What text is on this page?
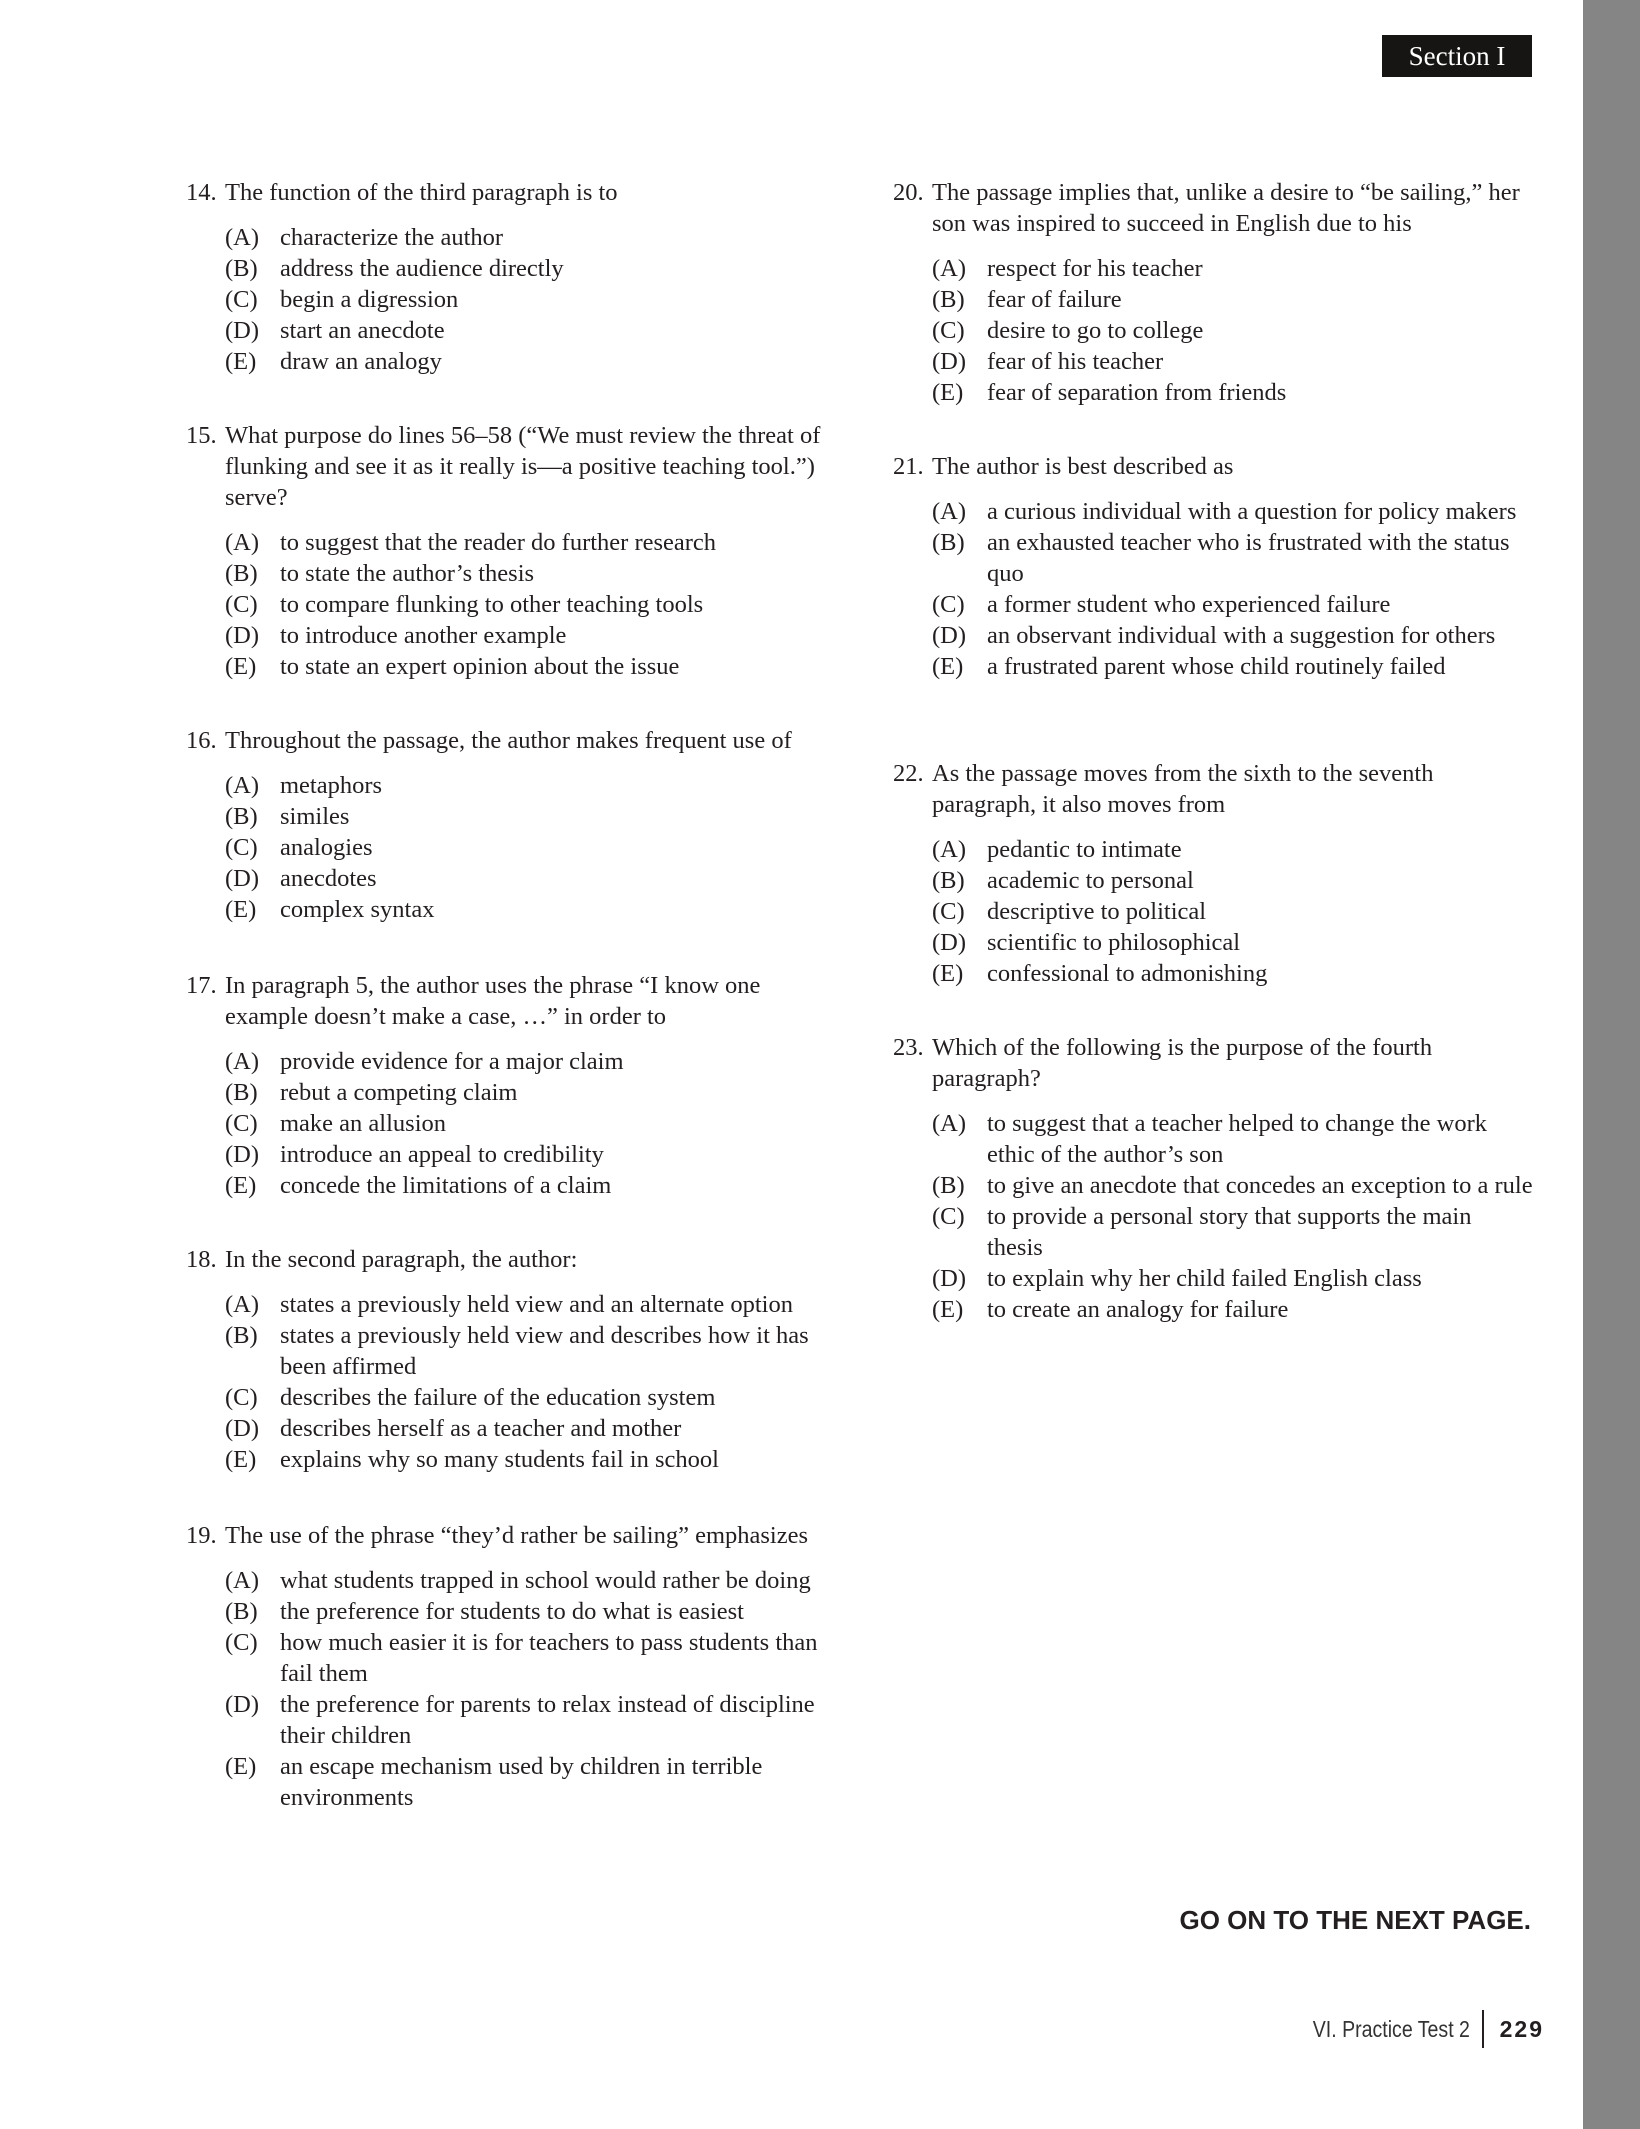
Section I
14. The function of the third paragraph is to
(A) characterize the author
(B) address the audience directly
(C) begin a digression
(D) start an anecdote
(E) draw an analogy
15. What purpose do lines 56–58 (“We must review the threat of flunking and see it as it really is—a positive teaching tool.”) serve?
(A) to suggest that the reader do further research
(B) to state the author’s thesis
(C) to compare flunking to other teaching tools
(D) to introduce another example
(E) to state an expert opinion about the issue
16. Throughout the passage, the author makes frequent use of
(A) metaphors
(B) similes
(C) analogies
(D) anecdotes
(E) complex syntax
17. In paragraph 5, the author uses the phrase “I know one example doesn’t make a case, …” in order to
(A) provide evidence for a major claim
(B) rebut a competing claim
(C) make an allusion
(D) introduce an appeal to credibility
(E) concede the limitations of a claim
18. In the second paragraph, the author:
(A) states a previously held view and an alternate option
(B) states a previously held view and describes how it has been affirmed
(C) describes the failure of the education system
(D) describes herself as a teacher and mother
(E) explains why so many students fail in school
19. The use of the phrase “they’d rather be sailing” emphasizes
(A) what students trapped in school would rather be doing
(B) the preference for students to do what is easiest
(C) how much easier it is for teachers to pass students than fail them
(D) the preference for parents to relax instead of discipline their children
(E) an escape mechanism used by children in terrible environments
20. The passage implies that, unlike a desire to “be sailing,” her son was inspired to succeed in English due to his
(A) respect for his teacher
(B) fear of failure
(C) desire to go to college
(D) fear of his teacher
(E) fear of separation from friends
21. The author is best described as
(A) a curious individual with a question for policy makers
(B) an exhausted teacher who is frustrated with the status quo
(C) a former student who experienced failure
(D) an observant individual with a suggestion for others
(E) a frustrated parent whose child routinely failed
22. As the passage moves from the sixth to the seventh paragraph, it also moves from
(A) pedantic to intimate
(B) academic to personal
(C) descriptive to political
(D) scientific to philosophical
(E) confessional to admonishing
23. Which of the following is the purpose of the fourth paragraph?
(A) to suggest that a teacher helped to change the work ethic of the author’s son
(B) to give an anecdote that concedes an exception to a rule
(C) to provide a personal story that supports the main thesis
(D) to explain why her child failed English class
(E) to create an analogy for failure
GO ON TO THE NEXT PAGE.
VI. Practice Test 2 229
